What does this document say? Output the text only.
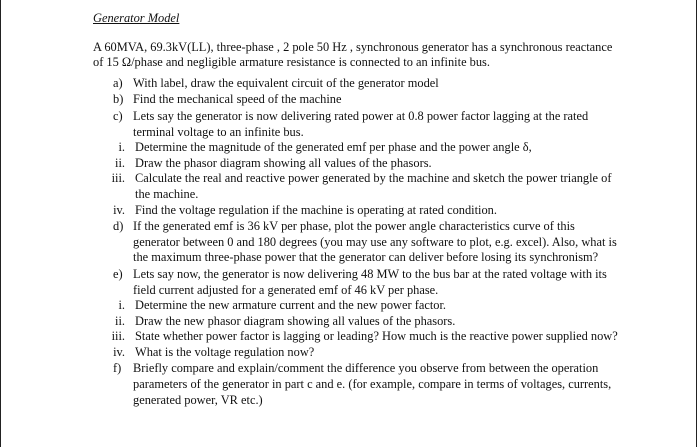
Generator Model
A 60MVA, 69.3kV(LL), three-phase , 2 pole 50 Hz , synchronous generator has a synchronous reactance of 15 Ω/phase and negligible armature resistance is connected to an infinite bus.
a) With label, draw the equivalent circuit of the generator model
b) Find the mechanical speed of the machine
c) Lets say the generator is now delivering rated power at 0.8 power factor lagging at the rated terminal voltage to an infinite bus.
i. Determine the magnitude of the generated emf per phase and the power angle δ,
ii. Draw the phasor diagram showing all values of the phasors.
iii. Calculate the real and reactive power generated by the machine and sketch the power triangle of the machine.
iv. Find the voltage regulation if the machine is operating at rated condition.
d) If the generated emf is 36 kV per phase, plot the power angle characteristics curve of this generator between 0 and 180 degrees (you may use any software to plot, e.g. excel). Also, what is the maximum three-phase power that the generator can deliver before losing its synchronism?
e) Lets say now, the generator is now delivering 48 MW to the bus bar at the rated voltage with its field current adjusted for a generated emf of 46 kV per phase.
i. Determine the new armature current and the new power factor.
ii. Draw the new phasor diagram showing all values of the phasors.
iii. State whether power factor is lagging or leading? How much is the reactive power supplied now?
iv. What is the voltage regulation now?
f) Briefly compare and explain/comment the difference you observe from between the operation parameters of the generator in part c and e. (for example, compare in terms of voltages, currents, generated power, VR etc.)
